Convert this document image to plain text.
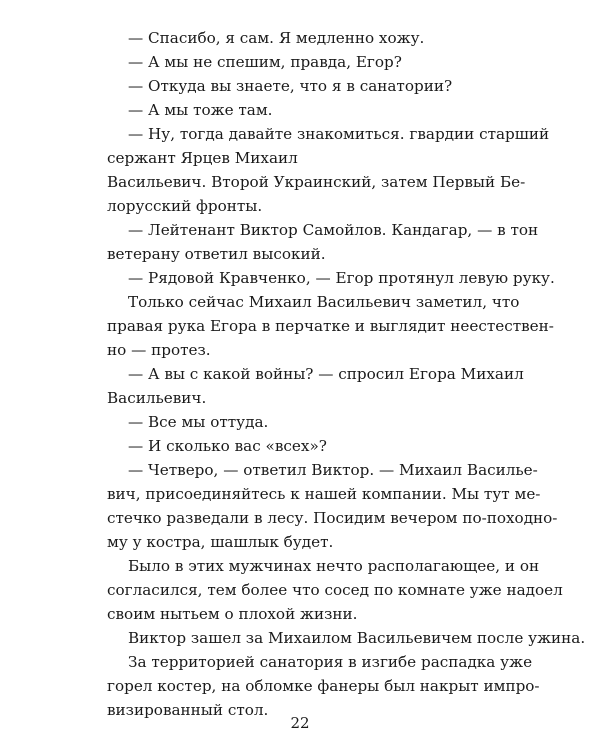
— Спасибо, я сам. Я медленно хожу.
— А мы не спешим, правда, Егор?
— Откуда вы знаете, что я в санатории?
— А мы тоже там.
— Ну, тогда давайте знакомиться. гвардии старший
сержант Ярцев Михаил
Васильевич. Второй Украинский, затем Первый Бе-
лорусский фронты.
— Лейтенант Виктор Самойлов. Кандагар, — в тон
ветерану ответил высокий.
— Рядовой Кравченко, — Егор протянул левую руку.
Только сейчас Михаил Васильевич заметил, что
правая рука Егора в перчатке и выглядит неестествен-
но — протез.
— А вы с какой войны? — спросил Егора Михаил
Васильевич.
— Все мы оттуда.
— И сколько вас «всех»?
— Четверо, — ответил Виктор. — Михаил Василье-
вич, присоединяйтесь к нашей компании. Мы тут ме-
стечко разведали в лесу. Посидим вечером по-походно-
му у костра, шашлык будет.
Было в этих мужчинах нечто располагающее, и он
согласился, тем более что сосед по комнате уже надоел
своим нытьем о плохой жизни.
Виктор зашел за Михаилом Васильевичем после ужина.
За территорией санатория в изгибе распадка уже
горел костер, на обломке фанеры был накрыт импро-
визированный стол.
22
